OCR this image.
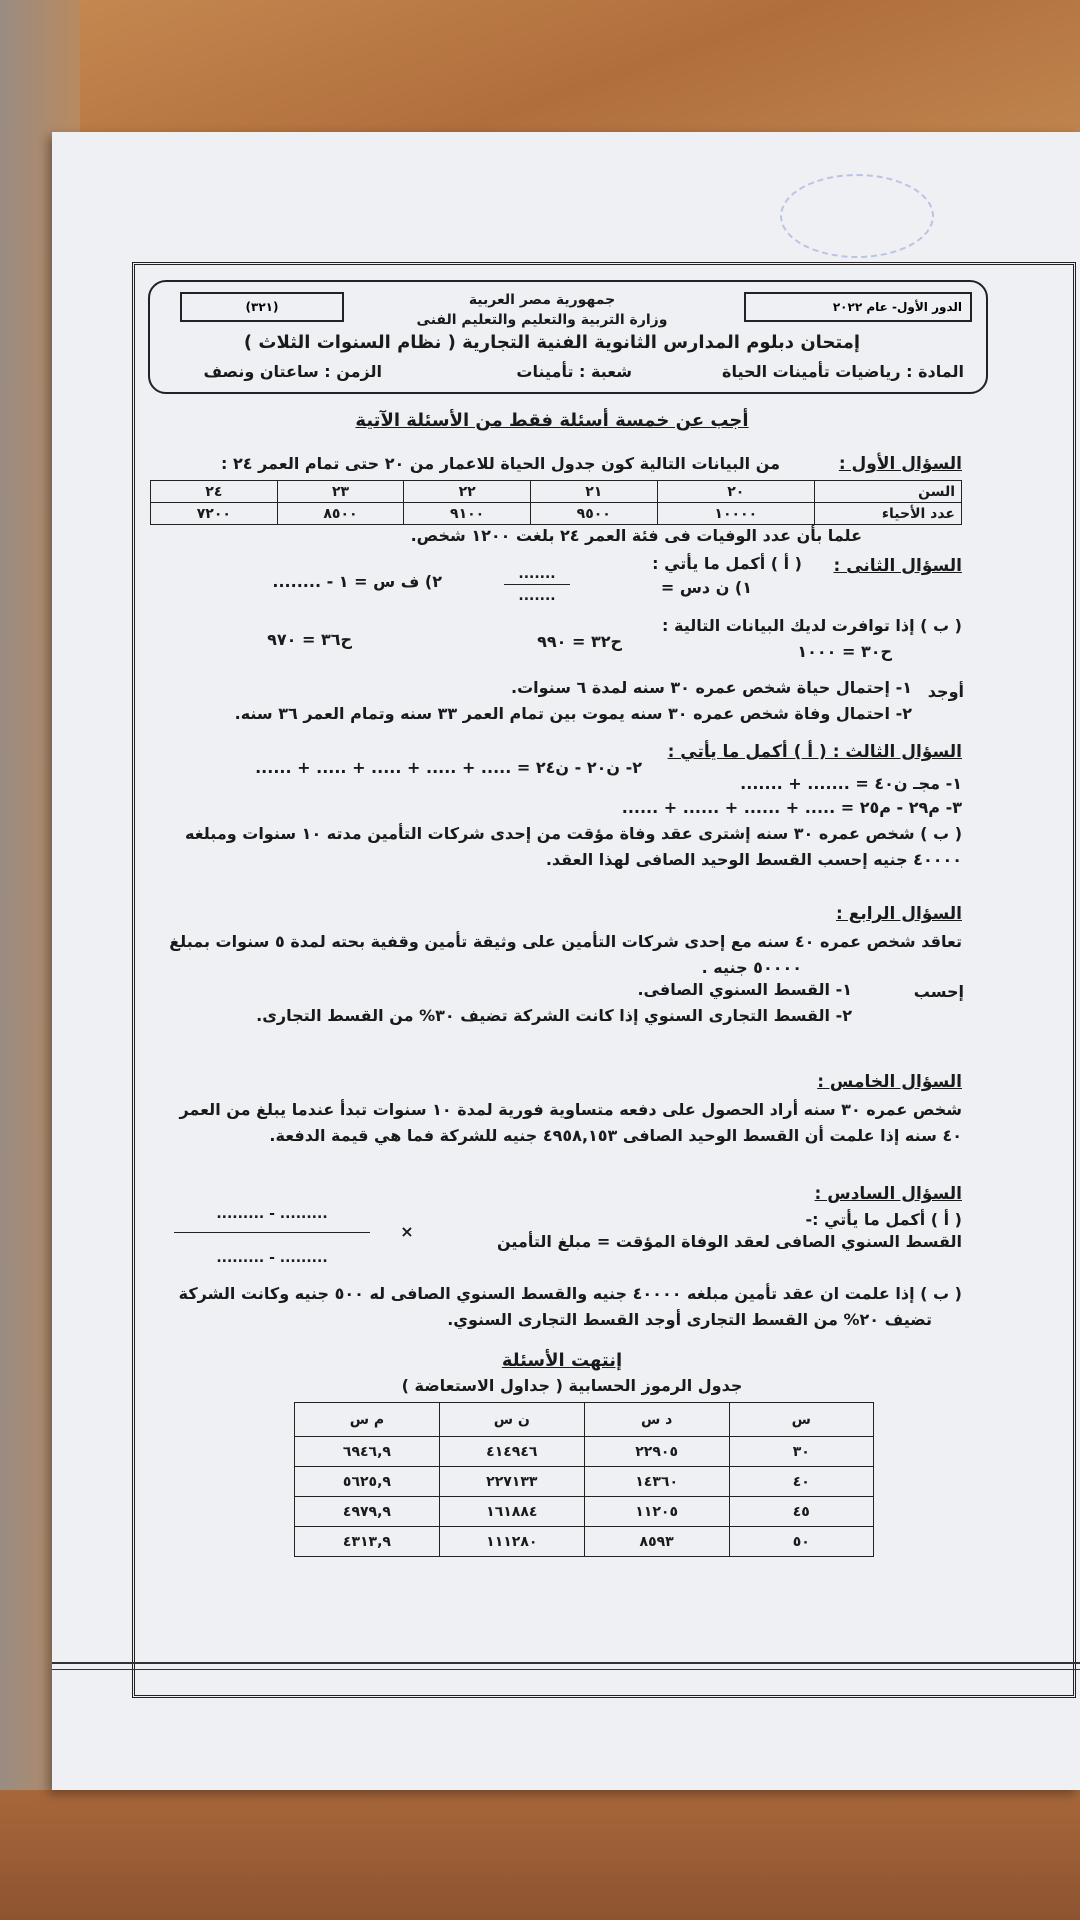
(٣٢١)	الدور الأول- عام ٢٠٢٢
جمهورية مصر العربية
وزارة التربية والتعليم والتعليم الفنى
إمتحان دبلوم المدارس الثانوية الفنية التجارية ( نظام السنوات الثلاث )
المادة : رياضيات تأمينات الحياة
شعبة : تأمينات
الزمن : ساعتان ونصف
أجب عن خمسة أسئلة فقط من الأسئلة الآتية
السؤال الأول :
من البيانات التالية كون جدول الحياة للاعمار من ٢٠ حتى تمام العمر ٢٤ :
السن	٢٠	٢١	٢٢	٢٣	٢٤
عدد الأحياء	١٠٠٠٠	٩٥٠٠	٩١٠٠	٨٥٠٠	٧٢٠٠
علما بأن عدد الوفيات فى فئة العمر ٢٤ بلغت ١٢٠٠ شخص.
السؤال الثانى :
( أ ) أكمل ما يأتي :
١) ن دس =
.......
.......
٢) ف س = ١ - ........
( ب ) إذا توافرت لديك البيانات التالية :
ح٣٠ = ١٠٠٠
ح٣٢ = ٩٩٠
ح٣٦ = ٩٧٠
أوجد
١- إحتمال حياة شخص عمره ٣٠ سنه لمدة ٦ سنوات.
٢- احتمال وفاة شخص عمره ٣٠ سنه يموت بين تمام العمر ٣٣ سنه وتمام العمر ٣٦ سنه.
السؤال الثالث : ( أ ) أكمل ما يأتي :
١- مجـ ن٤٠ = ....... + .......
٢- ن٢٠ - ن٢٤ = ..... + ..... + ..... + ..... + ......
٣- م٢٩ - م٢٥ = ..... + ...... + ...... + ......
( ب ) شخص عمره ٣٠ سنه إشترى عقد وفاة مؤقت من إحدى شركات التأمين مدته ١٠ سنوات ومبلغه
٤٠٠٠٠ جنيه إحسب القسط الوحيد الصافى لهذا العقد.
السؤال الرابع :
تعاقد شخص عمره ٤٠ سنه مع إحدى شركات التأمين على وثيقة تأمين وقفية بحته لمدة ٥ سنوات بمبلغ
٥٠٠٠٠ جنيه .
إحسب
١- القسط السنوي الصافى.
٢- القسط التجارى السنوي إذا كانت الشركة تضيف ٣٠% من القسط التجارى.
السؤال الخامس :
شخص عمره ٣٠ سنه أراد الحصول على دفعه متساوية فورية لمدة ١٠ سنوات تبدأ عندما يبلغ من العمر
٤٠ سنه إذا علمت أن القسط الوحيد الصافى ٤٩٥٨,١٥٣ جنيه للشركة فما هي قيمة الدفعة.
السؤال السادس :
( أ ) أكمل ما يأتي :-
......... - .........
......... - .........
×
القسط السنوي الصافى لعقد الوفاة المؤقت = مبلغ التأمين
( ب ) إذا علمت ان عقد تأمين مبلغه ٤٠٠٠٠ جنيه والقسط السنوي الصافى له ٥٠٠ جنيه وكانت الشركة
تضيف ٢٠% من القسط التجارى أوجد القسط التجارى السنوي.
إنتهت الأسئلة
جدول الرموز الحسابية ( جداول الاستعاضة )
س	د س	ن س	م س
٣٠	٢٢٩٠٥	٤١٤٩٤٦	٦٩٤٦,٩
٤٠	١٤٣٦٠	٢٢٧١٣٣	٥٦٢٥,٩
٤٥	١١٢٠٥	١٦١٨٨٤	٤٩٧٩,٩
٥٠	٨٥٩٣	١١١٢٨٠	٤٣١٣,٩
